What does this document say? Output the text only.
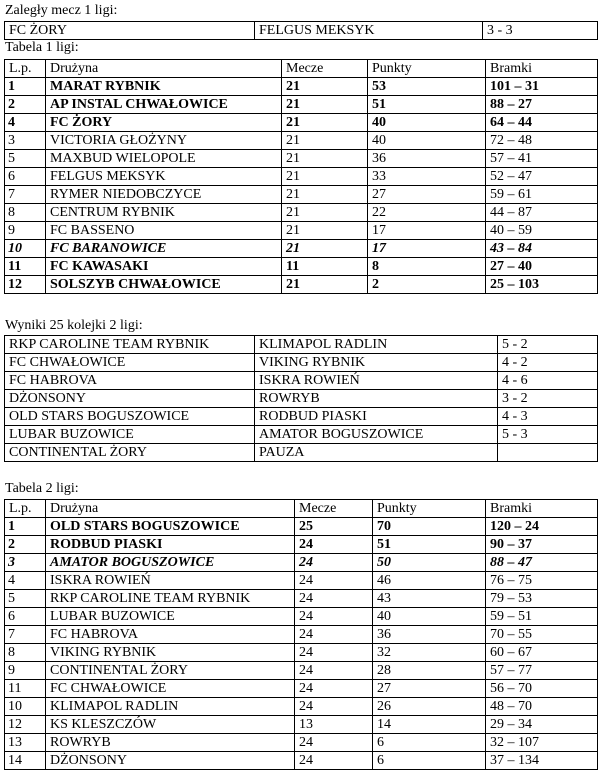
Zaległy mecz 1 ligi:
FC ŻORY	FELGUS MEKSYK	3 - 3
Tabela 1 ligi:
L.p.	Drużyna	Mecze	Punkty	Bramki
1	MARAT RYBNIK	21	53	101 – 31
2	AP INSTAL CHWAŁOWICE	21	51	88 – 27
4	FC ŻORY	21	40	64 – 44
3	VICTORIA GŁOŻYNY	21	40	72 – 48
5	MAXBUD WIELOPOLE	21	36	57 – 41
6	FELGUS MEKSYK	21	33	52 – 47
7	RYMER NIEDOBCZYCE	21	27	59 – 61
8	CENTRUM RYBNIK	21	22	44 – 87
9	FC BASSENO	21	17	40 – 59
10	FC BARANOWICE	21	17	43 – 84
11	FC KAWASAKI	11	8	27 – 40
12	SOLSZYB CHWAŁOWICE	21	2	25 – 103
Wyniki 25 kolejki 2 ligi:
RKP CAROLINE TEAM RYBNIK	KLIMAPOL RADLIN	5 - 2
FC CHWAŁOWICE	VIKING RYBNIK	4 - 2
FC HABROVA	ISKRA ROWIEŃ	4 - 6
DŻONSONY	ROWRYB	3 - 2
OLD STARS BOGUSZOWICE	RODBUD PIASKI	4 - 3
LUBAR BUZOWICE	AMATOR BOGUSZOWICE	5 - 3
CONTINENTAL ŻORY	PAUZA	
Tabela 2 ligi:
L.p.	Drużyna	Mecze	Punkty	Bramki
1	OLD STARS BOGUSZOWICE	25	70	120 – 24
2	RODBUD PIASKI	24	51	90 – 37
3	AMATOR BOGUSZOWICE	24	50	88 – 47
4	ISKRA ROWIEŃ	24	46	76 – 75
5	RKP CAROLINE TEAM RYBNIK	24	43	79 – 53
6	LUBAR BUZOWICE	24	40	59 – 51
7	FC HABROVA	24	36	70 – 55
8	VIKING RYBNIK	24	32	60 – 67
9	CONTINENTAL ŻORY	24	28	57 – 77
11	FC CHWAŁOWICE	24	27	56 – 70
10	KLIMAPOL RADLIN	24	26	48 – 70
12	KS KLESZCZÓW	13	14	29 – 34
13	ROWRYB	24	6	32 – 107
14	DŻONSONY	24	6	37 – 134
